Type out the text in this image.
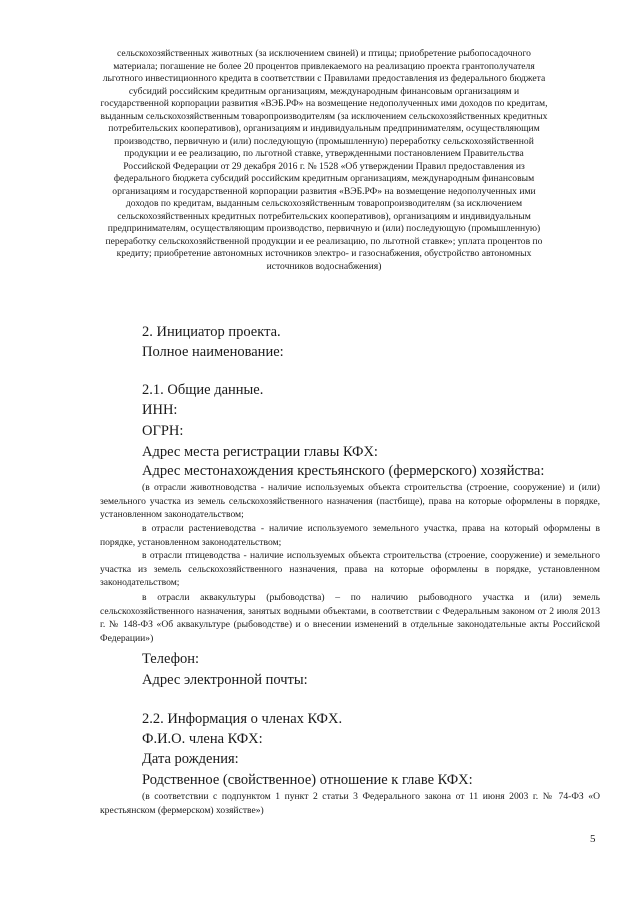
сельскохозяйственных животных (за исключением свиней) и птицы; приобретение рыбопосадочного материала; погашение не более 20 процентов привлекаемого на реализацию проекта грантополучателя льготного инвестиционного кредита в соответствии с Правилами предоставления из федерального бюджета субсидий российским кредитным организациям, международным финансовым организациям и государственной корпорации развития «ВЭБ.РФ» на возмещение недополученных ими доходов по кредитам, выданным сельскохозяйственным товаропроизводителям (за исключением сельскохозяйственных кредитных потребительских кооперативов), организациям и индивидуальным предпринимателям, осуществляющим производство, первичную и (или) последующую (промышленную) переработку сельскохозяйственной продукции и ее реализацию, по льготной ставке, утвержденными постановлением Правительства Российской Федерации от 29 декабря 2016 г. № 1528 «Об утверждении Правил предоставления из федерального бюджета субсидий российским кредитным организациям, международным финансовым организациям и государственной корпорации развития «ВЭБ.РФ» на возмещение недополученных ими доходов по кредитам, выданным сельскохозяйственным товаропроизводителям (за исключением сельскохозяйственных кредитных потребительских кооперативов), организациям и индивидуальным предпринимателям, осуществляющим производство, первичную и (или) последующую (промышленную) переработку сельскохозяйственной продукции и ее реализацию, по льготной ставке»; уплата процентов по кредиту; приобретение автономных источников электро- и газоснабжения, обустройство автономных источников водоснабжения)
2. Инициатор проекта.
Полное наименование:
2.1. Общие данные.
ИНН:
ОГРН:
Адрес места регистрации главы КФХ:
Адрес местонахождения крестьянского (фермерского) хозяйства:
(в отрасли животноводства - наличие используемых объекта строительства (строение, сооружение) и (или) земельного участка из земель сельскохозяйственного назначения (пастбище), права на которые оформлены в порядке, установленном законодательством;
в отрасли растениеводства - наличие используемого земельного участка, права на который оформлены в порядке, установленном законодательством;
в отрасли птицеводства - наличие используемых объекта строительства (строение, сооружение) и земельного участка из земель сельскохозяйственного назначения, права на которые оформлены в порядке, установленном законодательством;
в отрасли аквакультуры (рыбоводства) – по наличию рыбоводного участка и (или) земель сельскохозяйственного назначения, занятых водными объектами, в соответствии с Федеральным законом от 2 июля 2013 г. № 148-ФЗ «Об аквакультуре (рыбоводстве) и о внесении изменений в отдельные законодательные акты Российской Федерации»)
Телефон:
Адрес электронной почты:
2.2. Информация о членах КФХ.
Ф.И.О. члена КФХ:
Дата рождения:
Родственное (свойственное) отношение к главе КФХ:
(в соответствии с подпунктом 1 пункт 2 статьи 3 Федерального закона от 11 июня 2003 г. № 74-ФЗ «О крестьянском (фермерском) хозяйстве»)
5
